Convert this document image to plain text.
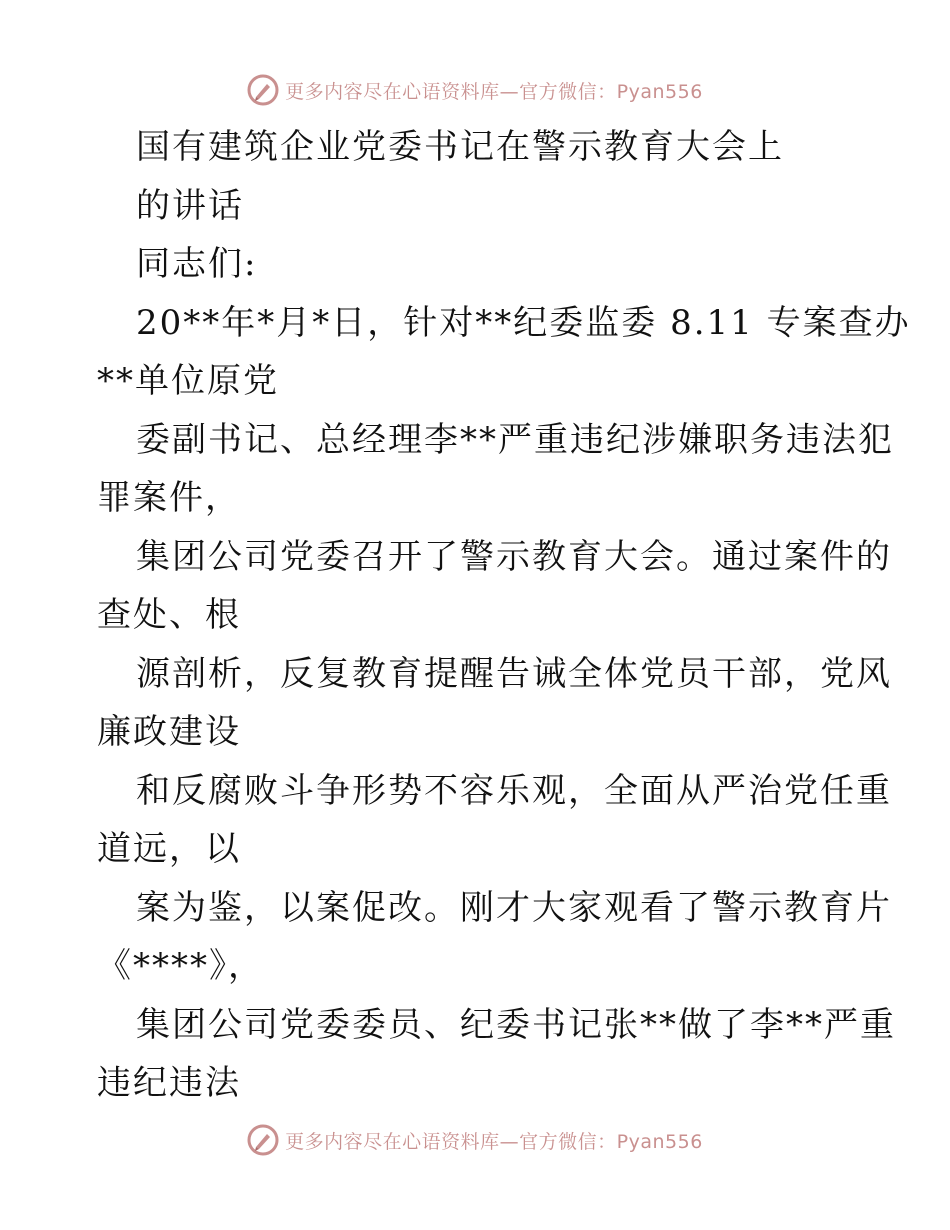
更多内容尽在心语资料库—官方微信：Pyan556
国有建筑企业党委书记在警示教育大会上
的讲话
同志们:
20**年*月*日，针对**纪委监委 8.11 专案查办
**单位原党
委副书记、总经理李**严重违纪涉嫌职务违法犯
罪案件，
集团公司党委召开了警示教育大会。通过案件的
查处、根
源剖析，反复教育提醒告诫全体党员干部，党风
廉政建设
和反腐败斗争形势不容乐观，全面从严治党任重
道远，以
案为鉴，以案促改。刚才大家观看了警示教育片
《****》，
集团公司党委委员、纪委书记张**做了李**严重
违纪违法
更多内容尽在心语资料库—官方微信：Pyan556
